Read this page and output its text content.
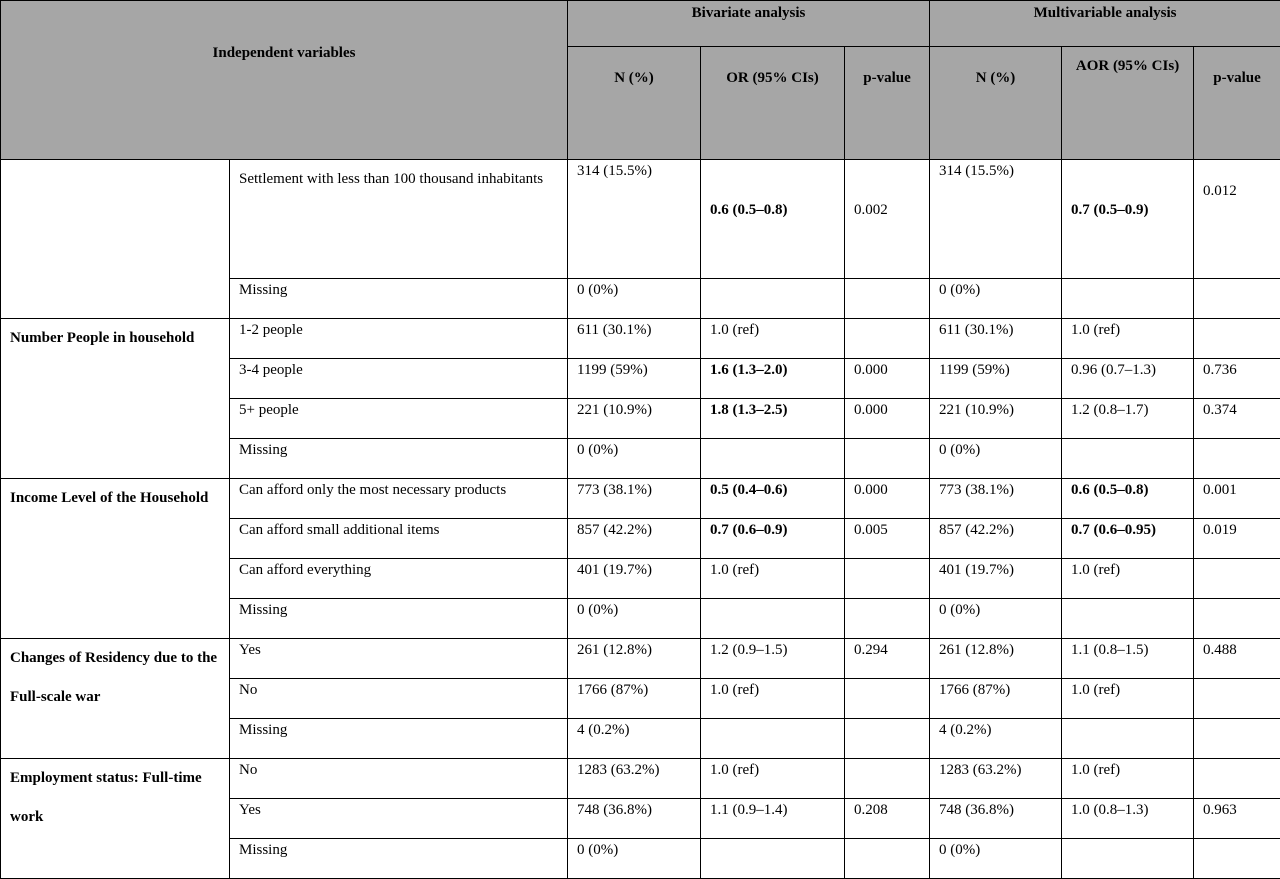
Independent variables		Bivariate analysis			Multivariable analysis		
		N (%)	OR (95% CIs)	p-value	N (%)	AOR (95% CIs)	p-value
	Settlement with less than 100 thousand inhabitants	314 (15.5%)	0.6 (0.5–0.8)	0.002	314 (15.5%)	0.7 (0.5–0.9)	0.012
	Missing	0 (0%)			0 (0%)		
Number People in household	1-2 people	611 (30.1%)	1.0 (ref)		611 (30.1%)	1.0 (ref)	
	3-4 people	1199 (59%)	1.6 (1.3–2.0)	0.000	1199 (59%)	0.96 (0.7–1.3)	0.736
	5+ people	221 (10.9%)	1.8 (1.3–2.5)	0.000	221 (10.9%)	1.2 (0.8–1.7)	0.374
	Missing	0 (0%)			0 (0%)		
Income Level of the Household	Can afford only the most necessary products	773 (38.1%)	0.5 (0.4–0.6)	0.000	773 (38.1%)	0.6 (0.5–0.8)	0.001
	Can afford small additional items	857 (42.2%)	0.7 (0.6–0.9)	0.005	857 (42.2%)	0.7 (0.6–0.95)	0.019
	Can afford everything	401 (19.7%)	1.0 (ref)		401 (19.7%)	1.0 (ref)	
	Missing	0 (0%)			0 (0%)		
Changes of Residency due to the Full-scale war	Yes	261 (12.8%)	1.2 (0.9–1.5)	0.294	261 (12.8%)	1.1 (0.8–1.5)	0.488
	No	1766 (87%)	1.0 (ref)		1766 (87%)	1.0 (ref)	
	Missing	4 (0.2%)			4 (0.2%)		
Employment status: Full-time work	No	1283 (63.2%)	1.0 (ref)		1283 (63.2%)	1.0 (ref)	
	Yes	748 (36.8%)	1.1 (0.9–1.4)	0.208	748 (36.8%)	1.0 (0.8–1.3)	0.963
	Missing	0 (0%)			0 (0%)		
